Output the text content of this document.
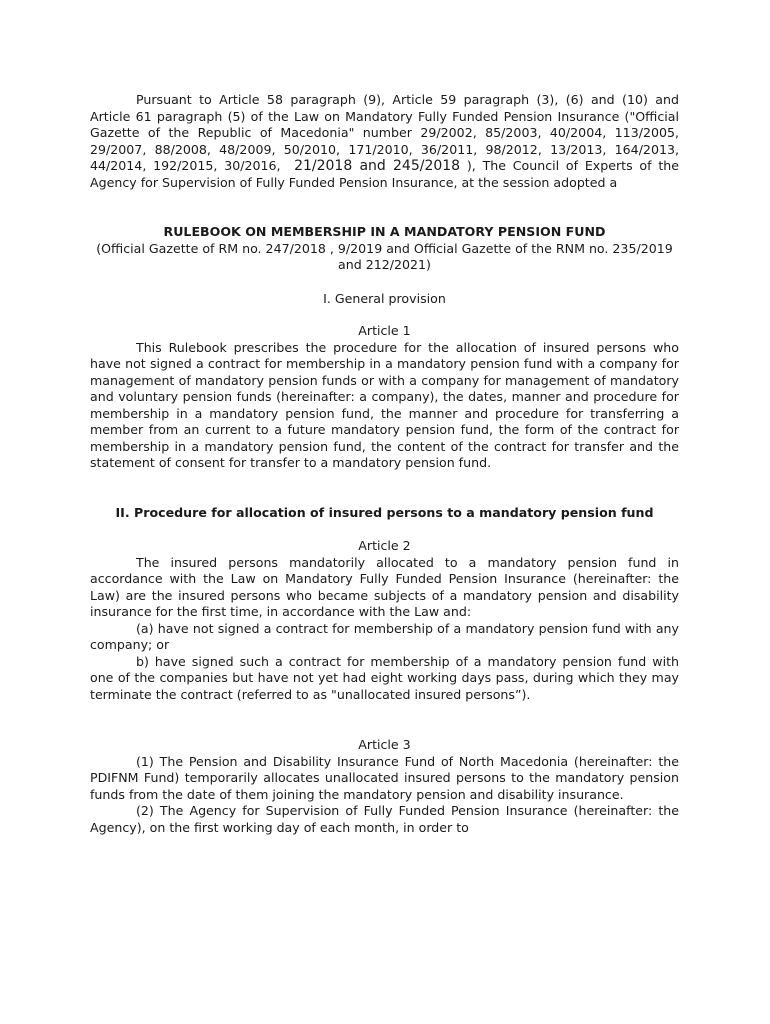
Pursuant to Article 58 paragraph (9), Article 59 paragraph (3), (6) and (10) and Article 61 paragraph (5) of the Law on Mandatory Fully Funded Pension Insurance ("Official Gazette of the Republic of Macedonia" number 29/2002, 85/2003, 40/2004, 113/2005, 29/2007, 88/2008, 48/2009, 50/2010, 171/2010, 36/2011, 98/2012, 13/2013, 164/2013, 44/2014, 192/2015, 30/2016, 21/2018 and 245/2018 ), The Council of Experts of the Agency for Supervision of Fully Funded Pension Insurance, at the session adopted a

RULEBOOK ON MEMBERSHIP IN A MANDATORY PENSION FUND

(Official Gazette of RM no. 247/2018 , 9/2019 and Official Gazette of the RNM no. 235/2019 and 212/2021)

I. General provision

Article 1

This Rulebook prescribes the procedure for the allocation of insured persons who have not signed a contract for membership in a mandatory pension fund with a company for management of mandatory pension funds or with a company for management of mandatory and voluntary pension funds (hereinafter: a company), the dates, manner and procedure for membership in a mandatory pension fund, the manner and procedure for transferring a member from an current to a future mandatory pension fund, the form of the contract for membership in a mandatory pension fund, the content of the contract for transfer and the statement of consent for transfer to a mandatory pension fund.

II. Procedure for allocation of insured persons to a mandatory pension fund

Article 2

The insured persons mandatorily allocated to a mandatory pension fund in accordance with the Law on Mandatory Fully Funded Pension Insurance (hereinafter: the Law) are the insured persons who became subjects of a mandatory pension and disability insurance for the first time, in accordance with the Law and:

(a) have not signed a contract for membership of a mandatory pension fund with any company; or

b) have signed such a contract for membership of a mandatory pension fund with one of the companies but have not yet had eight working days pass, during which they may terminate the contract (referred to as "unallocated insured persons”).

Article 3

(1) The Pension and Disability Insurance Fund of North Macedonia (hereinafter: the PDIFNM Fund) temporarily allocates unallocated insured persons to the mandatory pension funds from the date of them joining the mandatory pension and disability insurance.

(2) The Agency for Supervision of Fully Funded Pension Insurance (hereinafter: the Agency), on the first working day of each month, in order to
